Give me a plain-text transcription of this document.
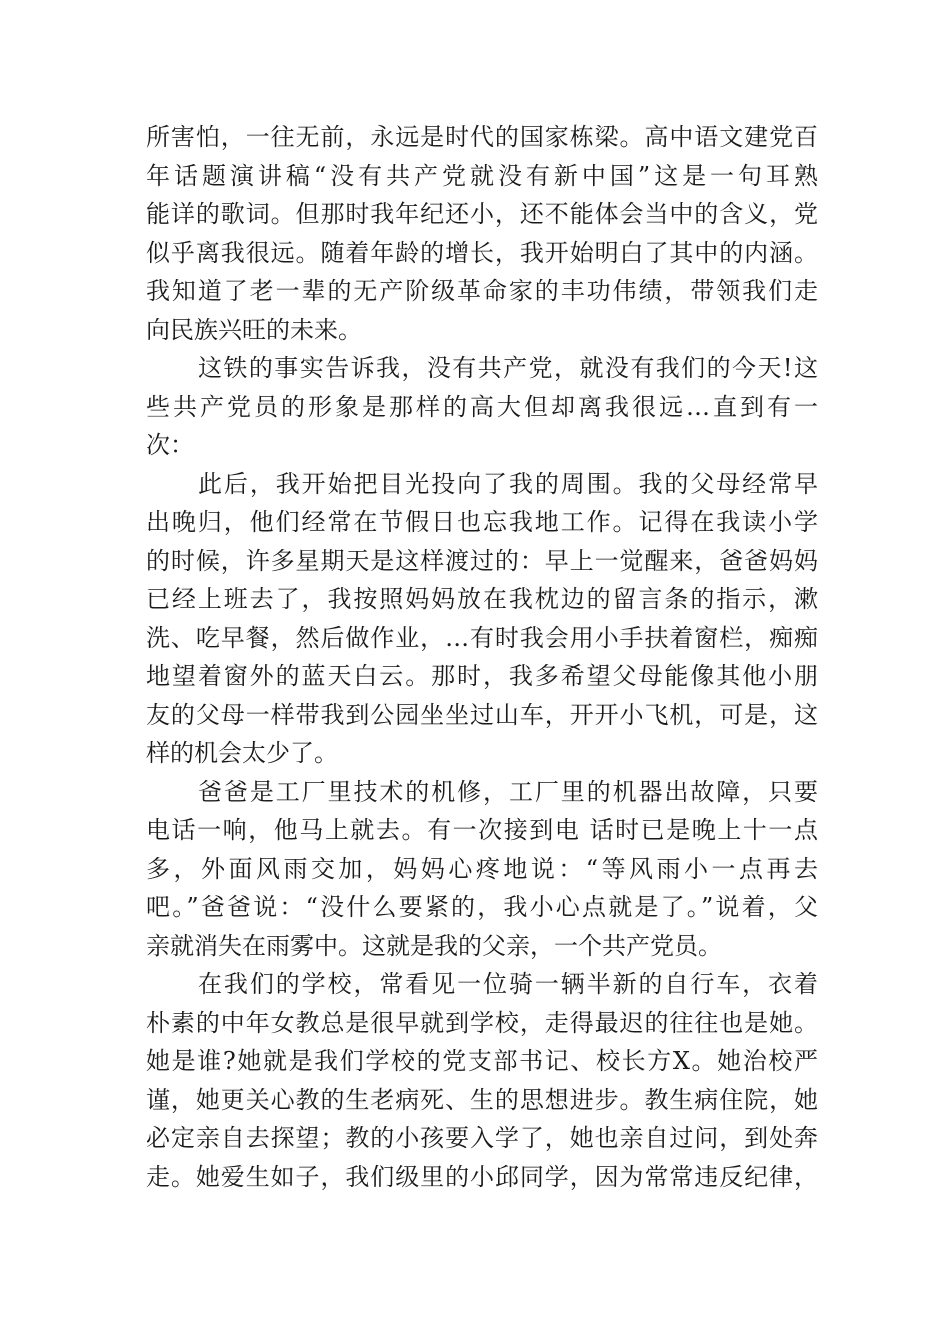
所害怕，一往无前，永远是时代的国家栋梁。高中语文建党百
年话题演讲稿“没有共产党就没有新中国”这是一句耳熟
能详的歌词。但那时我年纪还小，还不能体会当中的含义，党
似乎离我很远。随着年龄的增长，我开始明白了其中的内涵。
我知道了老一辈的无产阶级革命家的丰功伟绩，带领我们走
向民族兴旺的未来。
这铁的事实告诉我，没有共产党，就没有我们的今天!这
些共产党员的形象是那样的高大但却离我很远…直到有一
次：
此后，我开始把目光投向了我的周围。我的父母经常早
出晚归，他们经常在节假日也忘我地工作。记得在我读小学
的时候，许多星期天是这样渡过的：早上一觉醒来，爸爸妈妈
已经上班去了，我按照妈妈放在我枕边的留言条的指示，漱
洗、吃早餐，然后做作业，…有时我会用小手扶着窗栏，痴痴
地望着窗外的蓝天白云。那时，我多希望父母能像其他小朋
友的父母一样带我到公园坐坐过山车，开开小飞机，可是，这
样的机会太少了。
爸爸是工厂里技术的机修，工厂里的机器出故障，只要
电话一响，他马上就去。有一次接到电 话时已是晚上十一点
多，外面风雨交加，妈妈心疼地说：“等风雨小一点再去
吧。”爸爸说：“没什么要紧的，我小心点就是了。”说着，父
亲就消失在雨雾中。这就是我的父亲，一个共产党员。
在我们的学校，常看见一位骑一辆半新的自行车，衣着
朴素的中年女教总是很早就到学校，走得最迟的往往也是她。
她是谁?她就是我们学校的党支部书记、校长方X。她治校严
谨，她更关心教的生老病死、生的思想进步。教生病住院，她
必定亲自去探望；教的小孩要入学了，她也亲自过问，到处奔
走。她爱生如子，我们级里的小邱同学，因为常常违反纪律，
